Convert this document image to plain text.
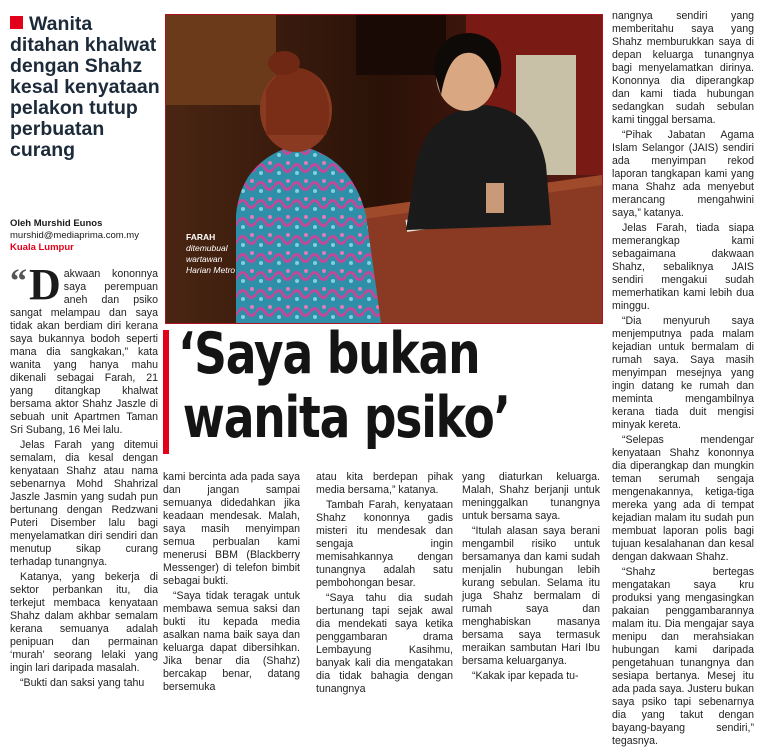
Wanita ditahan khalwat dengan Shahz kesal kenyataan pelakon tutup perbuatan curang
Oleh Murshid Eunos
murshid@mediaprima.com.my
Kuala Lumpur

“ D akwaan kononnya saya perempuan aneh dan psiko sangat melampau dan saya tidak akan berdiam diri kerana saya bukannya bodoh seperti mana dia sangkakan,” kata wanita yang hanya mahu dikenali sebagai Farah, 21 yang ditangkap khalwat bersama aktor Shahz Jaszle di sebuah unit Apartmen Taman Sri Subang, 16 Mei lalu.

Jelas Farah yang ditemui semalam, dia kesal dengan kenyataan Shahz atau nama sebenarnya Mohd Shahrizal Jaszle Jasmin yang sudah pun bertunang dengan Redzwani Puteri Disember lalu bagi menyelamatkan diri sendiri dan menutup sikap curang terhadap tunangnya.

Katanya, yang bekerja di sektor perbankan itu, dia terkejut membaca kenyataan Shahz dalam akhbar semalam kerana semuanya adalah penipuan dan permainan ‘murah’ seorang lelaki yang ingin lari daripada masalah.

“Bukti dan saksi yang tahu

FARAH
ditemubual
wartawan
Harian Metro
‘Saya bukan
wanita psiko’

kami bercinta ada pada saya dan jangan sampai semuanya didedahkan jika keadaan mendesak. Malah, saya masih menyimpan semua perbualan kami menerusi BBM (Blackberry Messenger) di telefon bimbit sebagai bukti.

“Saya tidak teragak untuk membawa semua saksi dan bukti itu kepada media asalkan nama baik saya dan keluarga dapat dibersihkan. Jika benar dia (Shahz) bercakap benar, datang bersemuka

atau kita berdepan pihak media bersama,” katanya.

Tambah Farah, kenyataan Shahz kononnya gadis misteri itu mendesak dan sengaja ingin memisahkannya dengan tunangnya adalah satu pembohongan besar.

“Saya tahu dia sudah bertunang tapi sejak awal dia mendekati saya ketika penggambaran drama Lembayung Kasihmu, banyak kali dia mengatakan dia tidak bahagia dengan tunangnya

yang diaturkan keluarga. Malah, Shahz berjanji untuk meninggalkan tunangnya untuk bersama saya.

“Itulah alasan saya berani mengambil risiko untuk bersamanya dan kami sudah menjalin hubungan lebih kurang sebulan. Selama itu juga Shahz bermalam di rumah saya dan menghabiskan masanya bersama saya termasuk meraikan sambutan Hari Ibu bersama keluarganya.

“Kakak ipar kepada tu-

nangnya sendiri yang memberitahu saya yang Shahz memburukkan saya di depan keluarga tunangnya bagi menyelamatkan dirinya. Kononnya dia diperangkap dan kami tiada hubungan sedangkan sudah sebulan kami tinggal bersama.

“Pihak Jabatan Agama Islam Selangor (JAIS) sendiri ada menyimpan rekod laporan tangkapan kami yang mana Shahz ada menyebut merancang mengahwini saya,” katanya.

Jelas Farah, tiada siapa memerangkap kami sebagaimana dakwaan Shahz, sebaliknya JAIS sendiri mengakui sudah memerhatikan kami lebih dua minggu.

“Dia menyuruh saya menjemputnya pada malam kejadian untuk bermalam di rumah saya. Saya masih menyimpan mesejnya yang ingin datang ke rumah dan meminta mengambilnya kerana tiada duit mengisi minyak kereta.

“Selepas mendengar kenyataan Shahz kononnya dia diperangkap dan mungkin teman serumah sengaja mengenakannya, ketiga-tiga mereka yang ada di tempat kejadian malam itu sudah pun membuat laporan polis bagi tujuan kesalahanan dan kesal dengan dakwaan Shahz.

“Shahz bertegas mengatakan saya kru produksi yang mengasingkan pakaian penggambarannya malam itu. Dia mengajar saya menipu dan merahsiakan hubungan kami daripada pengetahuan tunangnya dan sesiapa bertanya. Mesej itu ada pada saya. Justeru bukan saya psiko tapi sebenarnya dia yang takut dengan bayang-bayang sendiri,” tegasnya.
